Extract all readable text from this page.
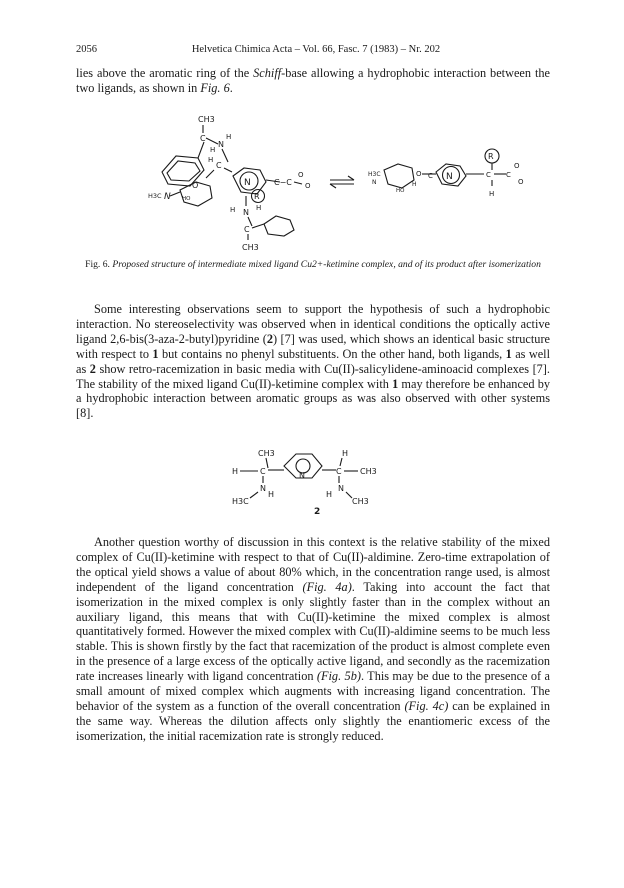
2056	Helvetica Chimica Acta – Vol. 66, Fasc. 7 (1983) – Nr. 202

lies above the aromatic ring of the Schiff-base allowing a hydrophobic interaction between the two ligands, as shown in Fig. 6.

CH3
C
N
H
H
H
C
O
H3C N HO
N
R
C−C
O
O
H N H
C
CH3
H3C
N
O
H
C
HO
N
R
C C
O
O
H

Fig. 6. Proposed structure of intermediate mixed ligand Cu2+-ketimine complex, and of its product after isomerization

Some interesting observations seem to support the hypothesis of such a hydrophobic interaction. No stereoselectivity was observed when in identical conditions the optically active ligand 2,6-bis(3-aza-2-butyl)pyridine (2) [7] was used, which shows an identical basic structure with respect to 1 but contains no phenyl substituents. On the other hand, both ligands, 1 as well as 2 show retro-racemization in basic media with Cu(II)-salicylidene-aminoacid complexes [7]. The stability of the mixed ligand Cu(II)-ketimine complex with 1 may therefore be enhanced by a hydrophobic interaction between aromatic groups as was also observed with other systems [8].

CH3
H	C	N	C
H
CH3
N
H
H3C
N
H
CH3
2

Another question worthy of discussion in this context is the relative stability of the mixed complex of Cu(II)-ketimine with respect to that of Cu(II)-aldimine. Zero-time extrapolation of the optical yield shows a value of about 80% which, in the concentration range used, is almost independent of the ligand concentration (Fig. 4a). Taking into account the fact that isomerization in the mixed complex is only slightly faster than in the complex without an auxiliary ligand, this means that with Cu(II)-ketimine the mixed complex is almost quantitatively formed. However the mixed complex with Cu(II)-aldimine seems to be much less stable. This is shown firstly by the fact that racemization of the product is almost complete even in the presence of a large excess of the optically active ligand, and secondly as the racemization rate increases linearly with ligand concentration (Fig. 5b). This may be due to the presence of a small amount of mixed complex which augments with increasing ligand concentration. The behavior of the system as a function of the overall concentration (Fig. 4c) can be explained in the same way. Whereas the dilution affects only slightly the enantiomeric excess of the isomerization, the initial racemization rate is strongly reduced.
